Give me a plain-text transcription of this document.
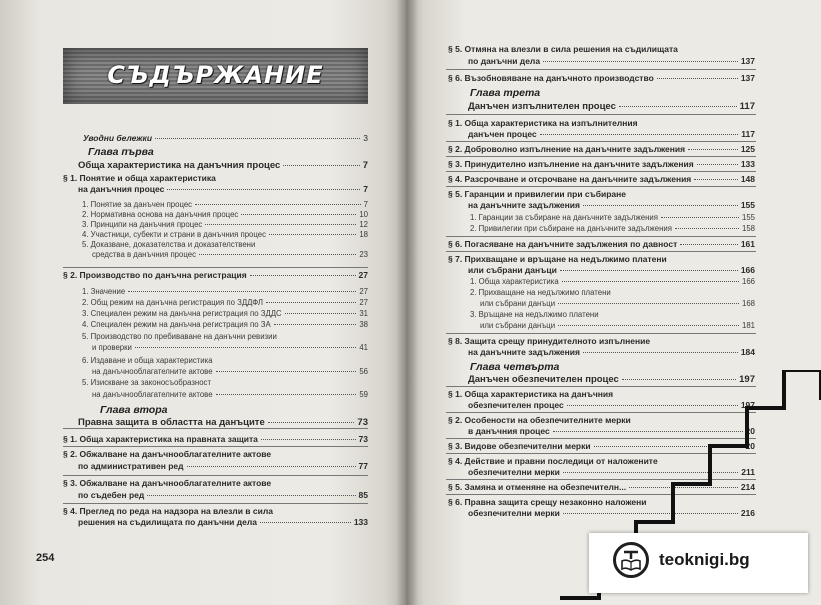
СЪДЪРЖАНИЕ
Уводни бележки	3
Глава първа
Обща характеристика на данъчния процес	7
§ 1. Понятие и обща характеристика
на данъчния процес	7
1. Понятие за данъчен процес	7
2. Нормативна основа на данъчния процес	10
3. Принципи на данъчния процес	12
4. Участници, субекти и страни в данъчния процес	18
5. Доказване, доказателства и доказателствени
средства в данъчния процес	23
§ 2. Производство по данъчна регистрация	27
1. Значение	27
2. Общ режим на данъчна регистрация по ЗДДФЛ	27
3. Специален режим на данъчна регистрация по ЗДДС	31
4. Специален режим на данъчна регистрация по ЗА	38
5. Производство по пребиваване на данъчни ревизии
и проверки	41
6. Издаване и обща характеристика
на данъчнооблагателните актове	56
5. Изискване за законосъобразност
на данъчнооблагателните актове	59
Глава втора
Правна защита в областта на данъците	73
§ 1. Обща характеристика на правната защита	73
§ 2. Обжалване на данъчнооблагателните актове
по административен ред	77
§ 3. Обжалване на данъчнооблагателните актове
по съдебен ред	85
§ 4. Преглед по реда на надзора на влезли в сила
решения на съдилищата по данъчни дела	133
254
§ 5. Отмяна на влезли в сила решения на съдилищата
по данъчни дела	137
§ 6. Възобновяване на данъчното производство	137
Глава трета
Данъчен изпълнителен процес	117
§ 1. Обща характеристика на изпълнителния
данъчен процес	117
§ 2. Доброволно изпълнение на данъчните задължения	125
§ 3. Принудително изпълнение на данъчните задължения	133
§ 4. Разсрочване и отсрочване на данъчните задължения	148
§ 5. Гаранции и привилегии при събиране
на данъчните задължения	155
1. Гаранции за събиране на данъчните задължения	155
2. Привилегии при събиране на данъчните задължения	158
§ 6. Погасяване на данъчните задължения по давност	161
§ 7. Прихващане и връщане на недължимо платени
или събрани данъци	166
1. Обща характеристика	166
2. Прихващане на недължимо платени
или събрани данъци	168
3. Връщане на недължимо платени
или събрани данъци	181
§ 8. Защита срещу принудителното изпълнение
на данъчните задължения	184
Глава четвърта
Данъчен обезпечителен процес	197
§ 1. Обща характеристика на данъчния
обезпечителен процес	197
§ 2. Особености на обезпечителните мерки
в данъчния процес	20
§ 3. Видове обезпечителни мерки	20
§ 4. Действие и правни последици от наложените
обезпечителни мерки	211
§ 5. Замяна и отменяне на обезпечителн...	214
§ 6. Правна защита срещу незаконно наложени
обезпечителни мерки	216
teoknigi.bg
